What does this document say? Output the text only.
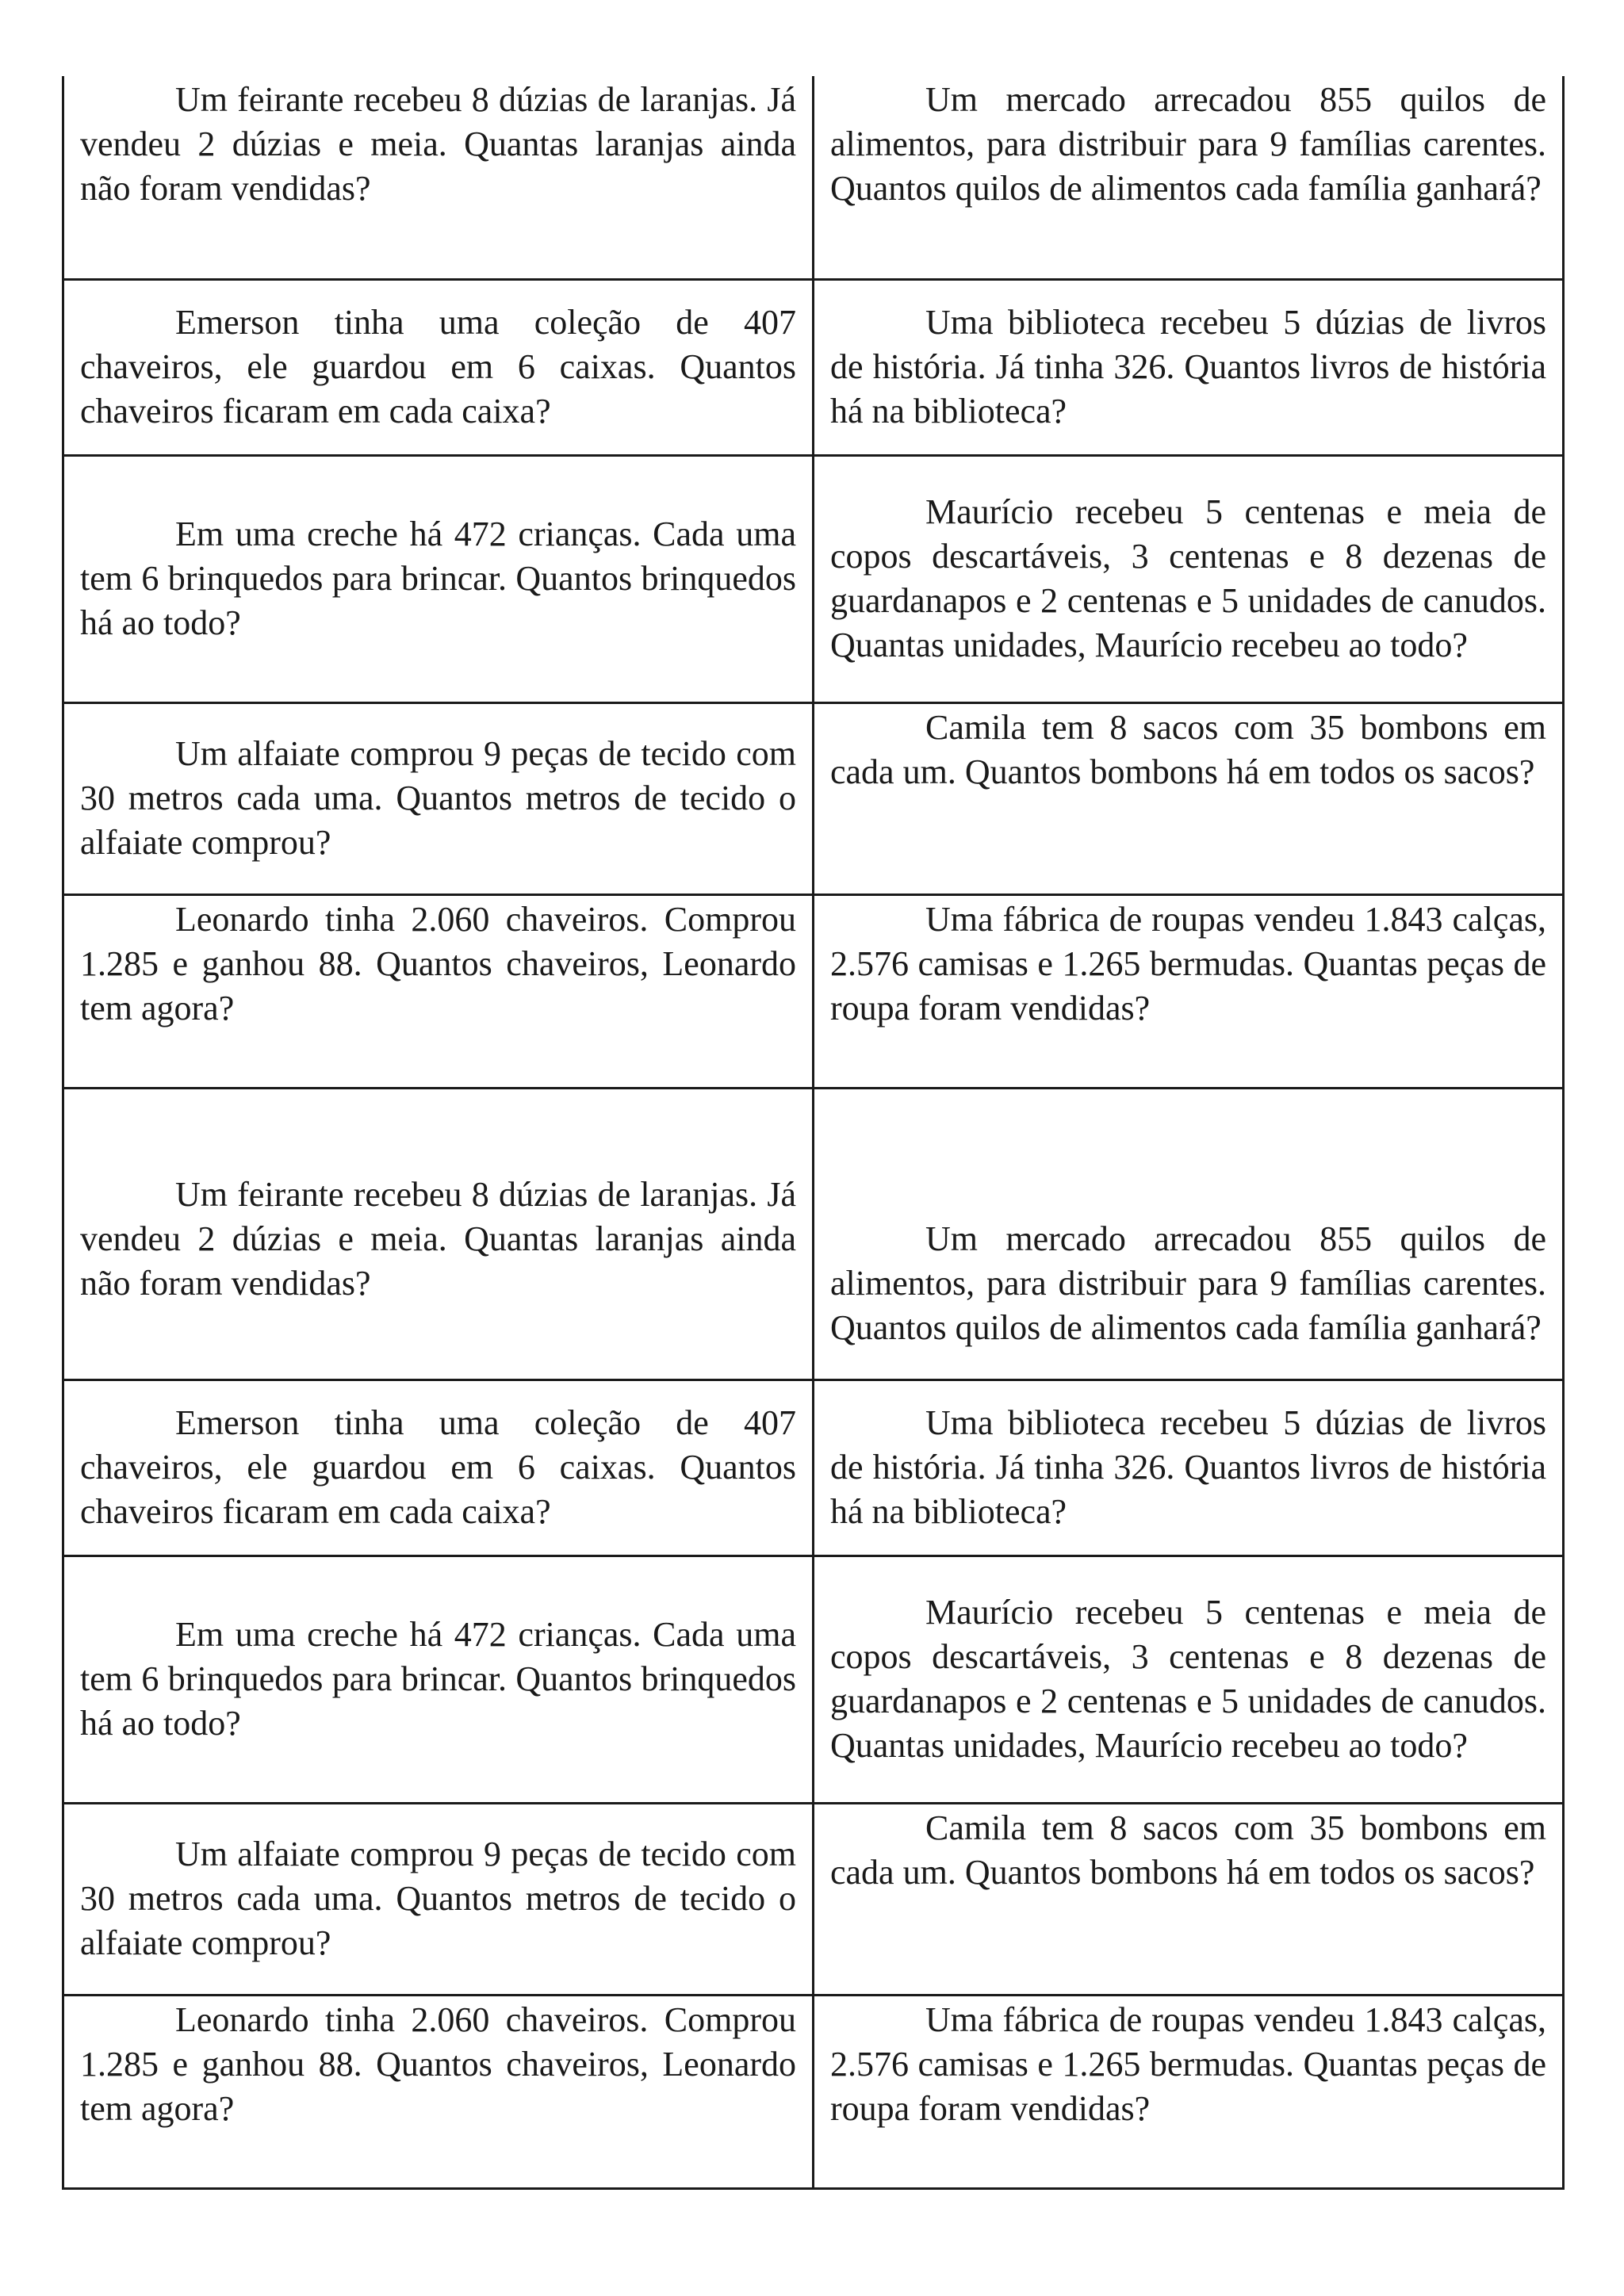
Um feirante recebeu 8 dúzias de laranjas. Já vendeu 2 dúzias e meia. Quantas laranjas ainda não foram vendidas?	Um mercado arrecadou 855 quilos de alimentos, para distribuir para 9 famílias carentes. Quantos quilos de alimentos cada família ganhará?

Emerson tinha uma coleção de 407 chaveiros, ele guardou em 6 caixas. Quantos chaveiros ficaram em cada caixa?	Uma biblioteca recebeu 5 dúzias de livros de história. Já tinha 326. Quantos livros de história há na biblioteca?

Em uma creche há 472 crianças. Cada uma tem 6 brinquedos para brincar. Quantos brinquedos há ao todo?	Maurício recebeu 5 centenas e meia de copos descartáveis, 3 centenas e 8 dezenas de guardanapos e 2 centenas e 5 unidades de canudos. Quantas unidades, Maurício recebeu ao todo?

Um alfaiate comprou 9 peças de tecido com 30 metros cada uma. Quantos metros de tecido o alfaiate comprou?	Camila tem 8 sacos com 35 bombons em cada um. Quantos bombons há em todos os sacos?

Leonardo tinha 2.060 chaveiros. Comprou 1.285 e ganhou 88. Quantos chaveiros, Leonardo tem agora?	Uma fábrica de roupas vendeu 1.843 calças, 2.576 camisas e 1.265 bermudas. Quantas peças de roupa foram vendidas?

Um feirante recebeu 8 dúzias de laranjas. Já vendeu 2 dúzias e meia. Quantas laranjas ainda não foram vendidas?	Um mercado arrecadou 855 quilos de alimentos, para distribuir para 9 famílias carentes. Quantos quilos de alimentos cada família ganhará?

Emerson tinha uma coleção de 407 chaveiros, ele guardou em 6 caixas. Quantos chaveiros ficaram em cada caixa?	Uma biblioteca recebeu 5 dúzias de livros de história. Já tinha 326. Quantos livros de história há na biblioteca?

Em uma creche há 472 crianças. Cada uma tem 6 brinquedos para brincar. Quantos brinquedos há ao todo?	Maurício recebeu 5 centenas e meia de copos descartáveis, 3 centenas e 8 dezenas de guardanapos e 2 centenas e 5 unidades de canudos. Quantas unidades, Maurício recebeu ao todo?

Um alfaiate comprou 9 peças de tecido com 30 metros cada uma. Quantos metros de tecido o alfaiate comprou?	Camila tem 8 sacos com 35 bombons em cada um. Quantos bombons há em todos os sacos?

Leonardo tinha 2.060 chaveiros. Comprou 1.285 e ganhou 88. Quantos chaveiros, Leonardo tem agora?	Uma fábrica de roupas vendeu 1.843 calças, 2.576 camisas e 1.265 bermudas. Quantas peças de roupa foram vendidas?
